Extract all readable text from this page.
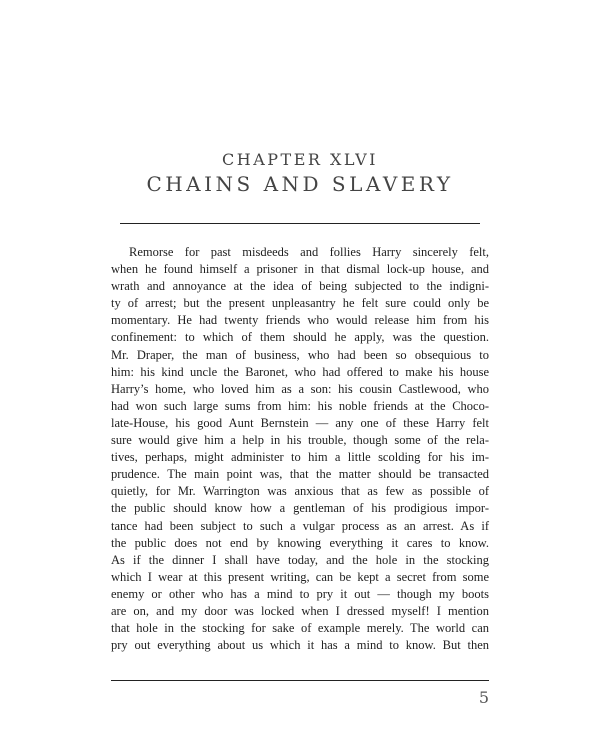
CHAPTER XLVI
CHAINS AND SLAVERY

Remorse for past misdeeds and follies Harry sincerely felt,
when he found himself a prisoner in that dismal lock-up house, and
wrath and annoyance at the idea of being subjected to the indigni-
ty of arrest; but the present unpleasantry he felt sure could only be
momentary. He had twenty friends who would release him from his
confinement: to which of them should he apply, was the question.
Mr. Draper, the man of business, who had been so obsequious to
him: his kind uncle the Baronet, who had offered to make his house
Harry’s home, who loved him as a son: his cousin Castlewood, who
had won such large sums from him: his noble friends at the Choco-
late-House, his good Aunt Bernstein — any one of these Harry felt
sure would give him a help in his trouble, though some of the rela-
tives, perhaps, might administer to him a little scolding for his im-
prudence. The main point was, that the matter should be transacted
quietly, for Mr. Warrington was anxious that as few as possible of
the public should know how a gentleman of his prodigious impor-
tance had been subject to such a vulgar process as an arrest. As if
the public does not end by knowing everything it cares to know.
As if the dinner I shall have today, and the hole in the stocking
which I wear at this present writing, can be kept a secret from some
enemy or other who has a mind to pry it out — though my boots
are on, and my door was locked when I dressed myself! I mention
that hole in the stocking for sake of example merely. The world can
pry out everything about us which it has a mind to know. But then

5
